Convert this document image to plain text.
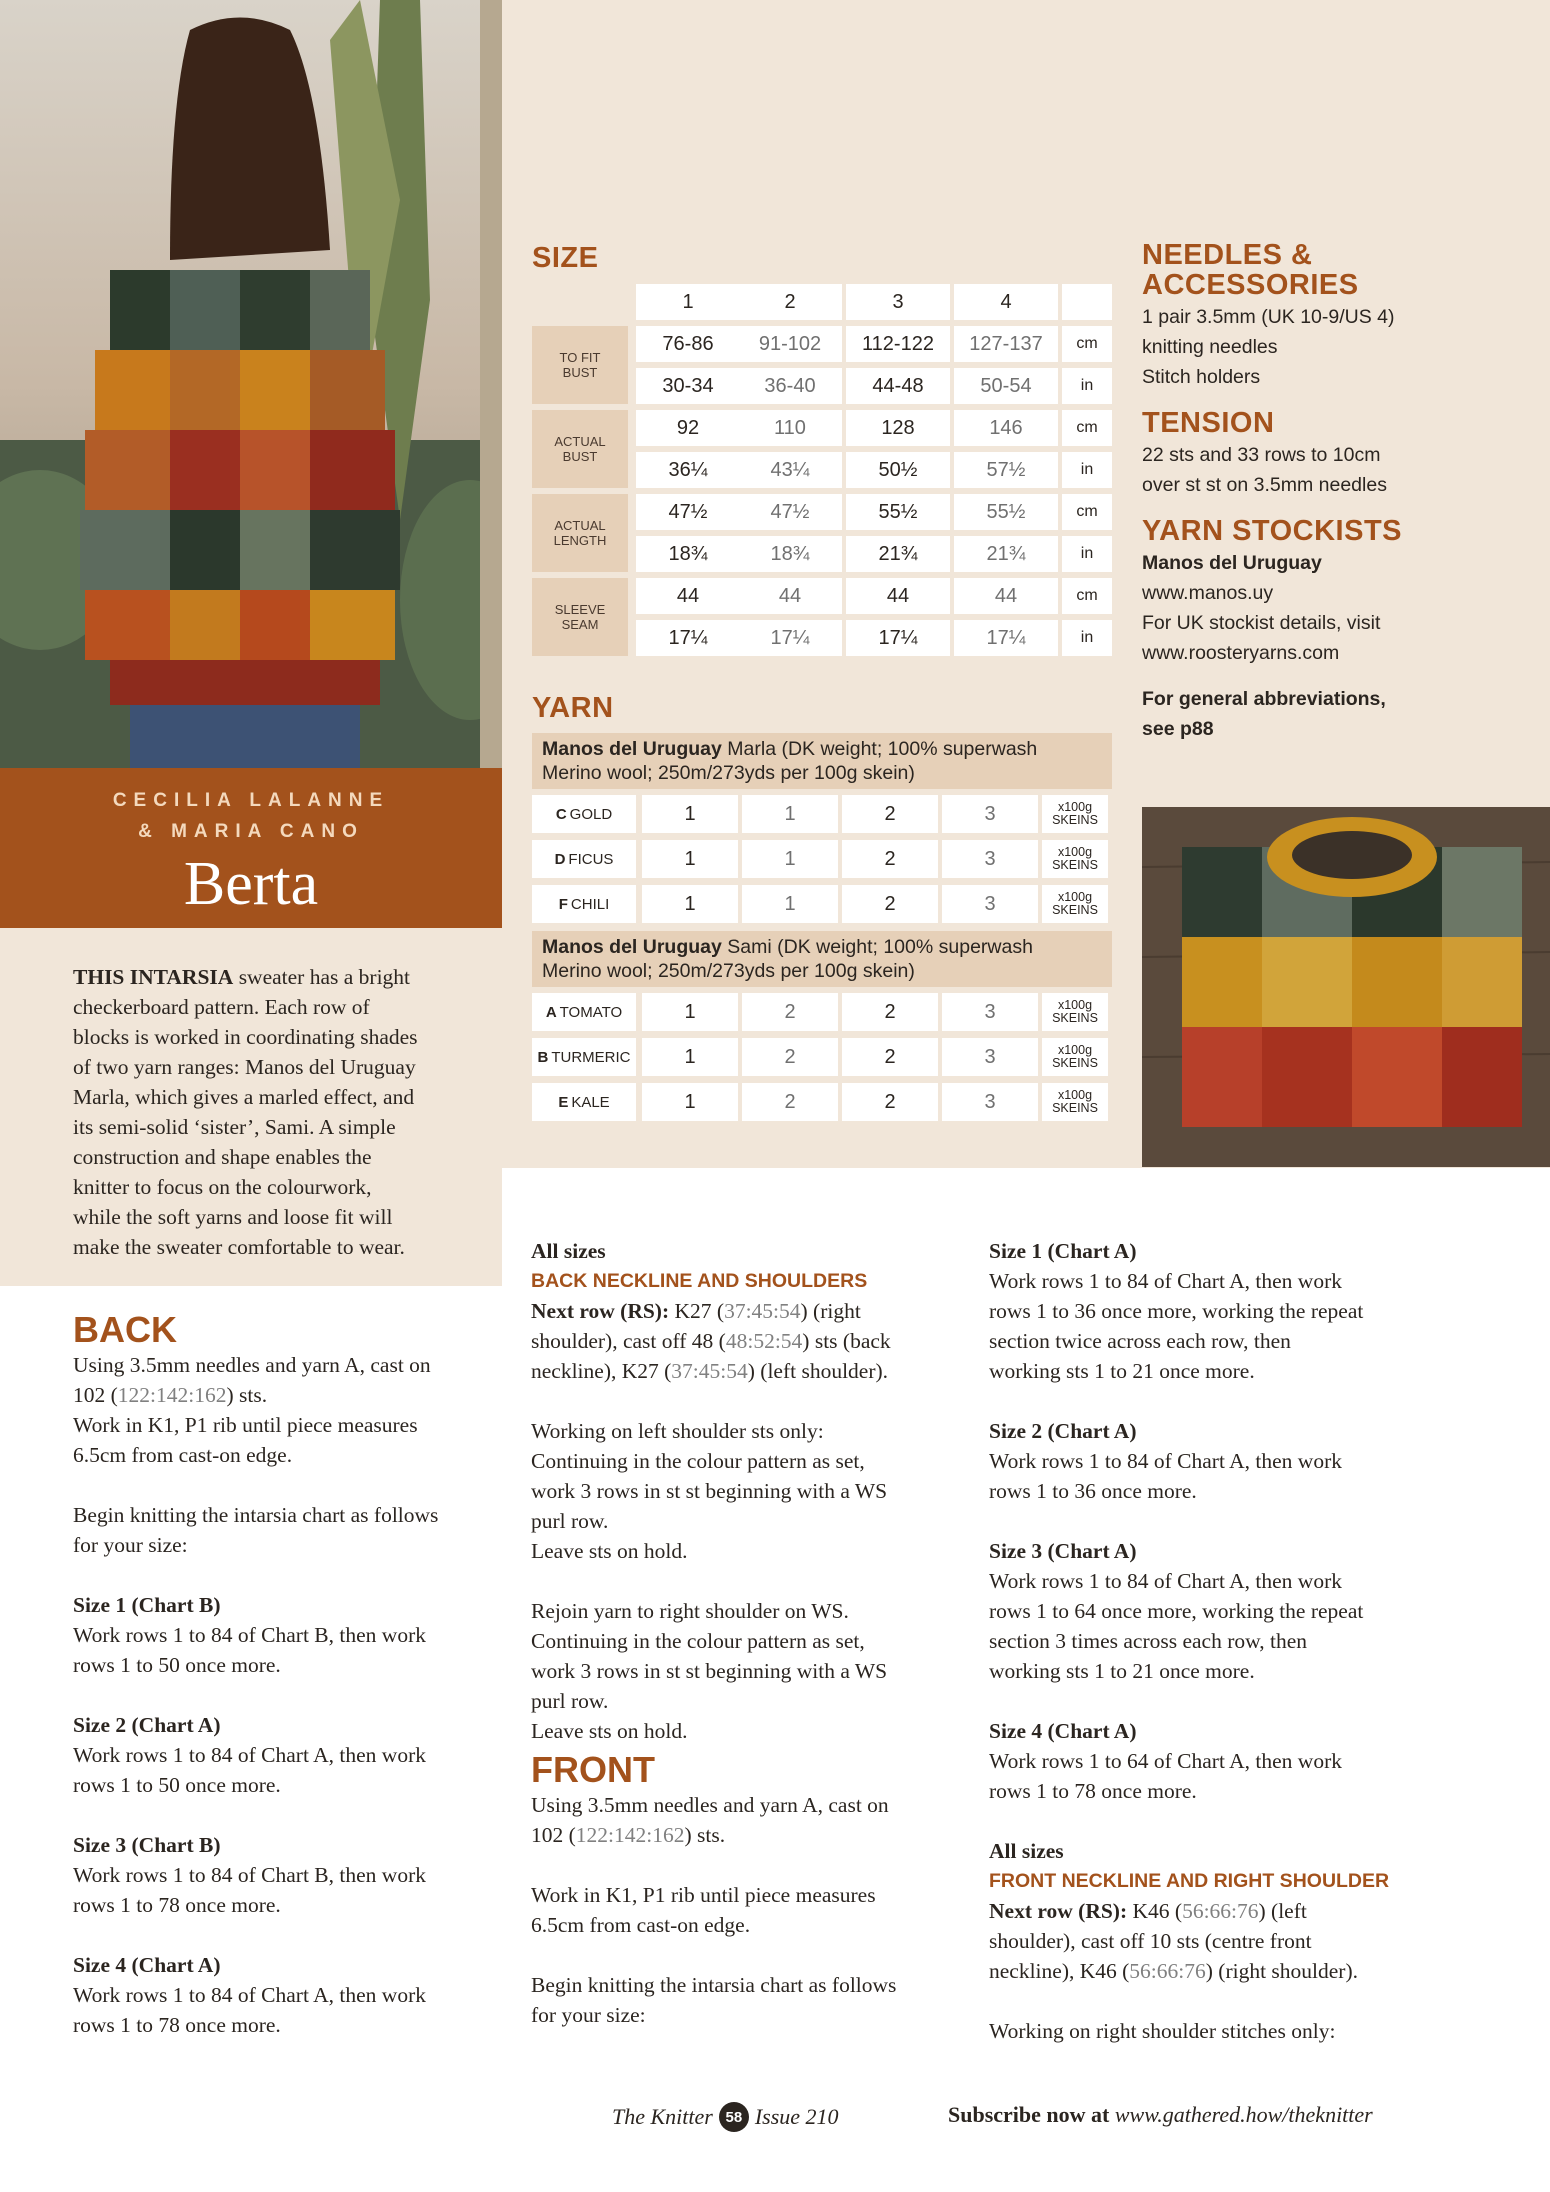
CECILIA LALANNE
& MARIA CANO
Berta
THIS INTARSIA sweater has a bright
checkerboard pattern. Each row of
blocks is worked in coordinating shades
of two yarn ranges: Manos del Uruguay
Marla, which gives a marled effect, and
its semi-solid ‘sister’, Sami. A simple
construction and shape enables the
knitter to focus on the colourwork,
while the soft yarns and loose fit will
make the sweater comfortable to wear.
SIZE
1	2	3	4
TO FIT
BUST
76-86	91-102	112-122	127-137	cm
30-34	36-40	44-48	50-54	in
ACTUAL
BUST
92	110	128	146	cm
36¼	43¼	50½	57½	in
ACTUAL
LENGTH
47½	47½	55½	55½	cm
18¾	18¾	21¾	21¾	in
SLEEVE
SEAM
44	44	44	44	cm
17¼	17¼	17¼	17¼	in
YARN
Manos del Uruguay Marla (DK weight; 100% superwash
Merino wool; 250m/273yds per 100g skein)
C GOLD	1	1	2	3	x100g
SKEINS
D FICUS	1	1	2	3	x100g
SKEINS
F CHILI	1	1	2	3	x100g
SKEINS
Manos del Uruguay Sami (DK weight; 100% superwash
Merino wool; 250m/273yds per 100g skein)
A TOMATO	1	2	2	3	x100g
SKEINS
B TURMERIC	1	2	2	3	x100g
SKEINS
E KALE	1	2	2	3	x100g
SKEINS
NEEDLES &
ACCESSORIES
1 pair 3.5mm (UK 10-9/US 4)
knitting needles
Stitch holders
TENSION
22 sts and 33 rows to 10cm
over st st on 3.5mm needles
YARN STOCKISTS
Manos del Uruguay
www.manos.uy
For UK stockist details, visit
www.roosteryarns.com
For general abbreviations,
see p88
BACK

Using 3.5mm needles and yarn A, cast on

102 (122:142:162) sts.

Work in K1, P1 rib until piece measures

6.5cm from cast-on edge.

Begin knitting the intarsia chart as follows

for your size:

Size 1 (Chart B)

Work rows 1 to 84 of Chart B, then work

rows 1 to 50 once more.

Size 2 (Chart A)

Work rows 1 to 84 of Chart A, then work

rows 1 to 50 once more.

Size 3 (Chart B)

Work rows 1 to 84 of Chart B, then work

rows 1 to 78 once more.

Size 4 (Chart A)

Work rows 1 to 84 of Chart A, then work

rows 1 to 78 once more.

All sizes

BACK NECKLINE AND SHOULDERS

Next row (RS): K27 (37:45:54) (right

shoulder), cast off 48 (48:52:54) sts (back

neckline), K27 (37:45:54) (left shoulder).

Working on left shoulder sts only:

Continuing in the colour pattern as set,

work 3 rows in st st beginning with a WS

purl row.

Leave sts on hold.

Rejoin yarn to right shoulder on WS.

Continuing in the colour pattern as set,

work 3 rows in st st beginning with a WS

purl row.

Leave sts on hold.

FRONT

Using 3.5mm needles and yarn A, cast on

102 (122:142:162) sts.

Work in K1, P1 rib until piece measures

6.5cm from cast-on edge.

Begin knitting the intarsia chart as follows

for your size:

Size 1 (Chart A)

Work rows 1 to 84 of Chart A, then work

rows 1 to 36 once more, working the repeat

section twice across each row, then

working sts 1 to 21 once more.

Size 2 (Chart A)

Work rows 1 to 84 of Chart A, then work

rows 1 to 36 once more.

Size 3 (Chart A)

Work rows 1 to 84 of Chart A, then work

rows 1 to 64 once more, working the repeat

section 3 times across each row, then

working sts 1 to 21 once more.

Size 4 (Chart A)

Work rows 1 to 64 of Chart A, then work

rows 1 to 78 once more.

All sizes

FRONT NECKLINE AND RIGHT SHOULDER

Next row (RS): K46 (56:66:76) (left

shoulder), cast off 10 sts (centre front

neckline), K46 (56:66:76) (right shoulder).

Working on right shoulder stitches only:

The Knitter 58 Issue 210	Subscribe now at www.gathered.how/theknitter
